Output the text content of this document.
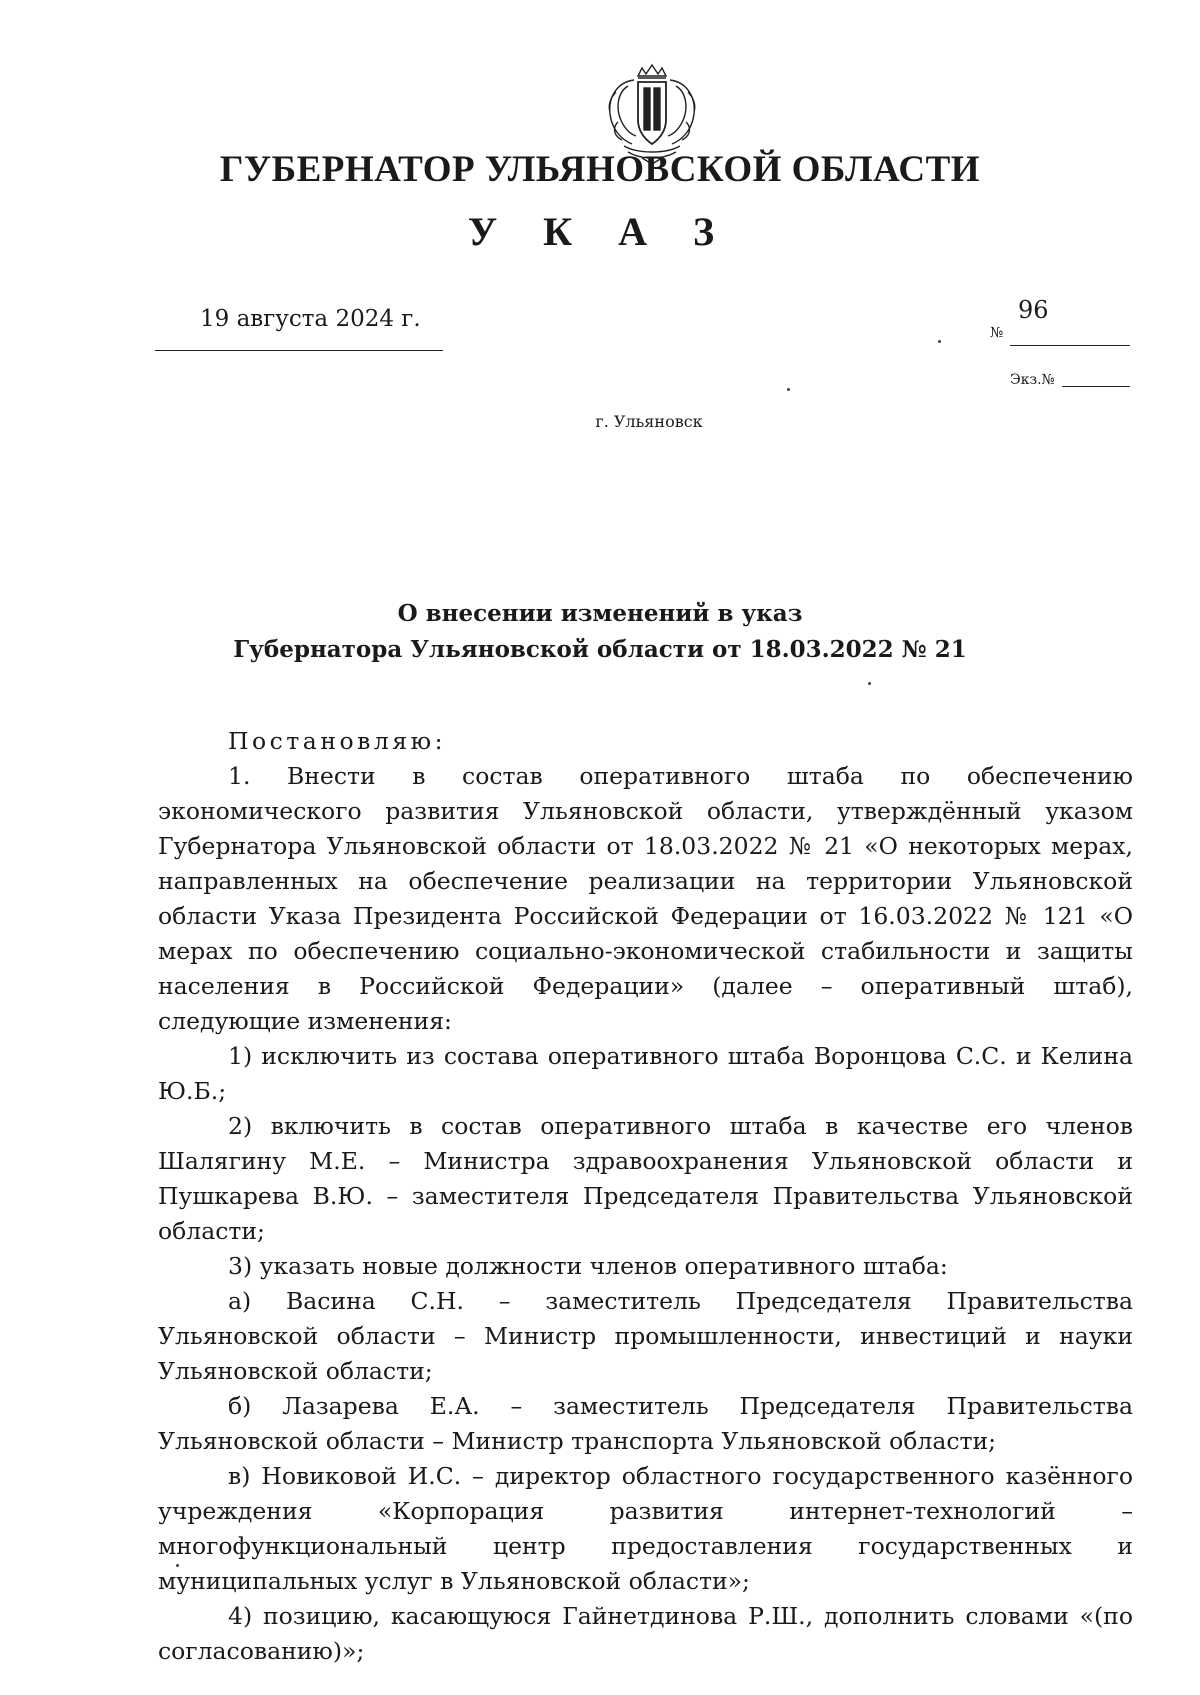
ГУБЕРНАТОР УЛЬЯНОВСКОЙ ОБЛАСТИ
У К А З
19 августа 2024 г.
№
96
Экз.№
г. Ульяновск
О внесении изменений в указ
Губернатора Ульяновской области от 18.03.2022 № 21

Постановляю:

1. Внести в состав оперативного штаба по обеспечению экономического развития Ульяновской области, утверждённый указом Губернатора Ульяновской области от 18.03.2022 № 21 «О некоторых мерах, направленных на обеспечение реализации на территории Ульяновской области Указа Президента Российской Федерации от 16.03.2022 № 121 «О мерах по обеспечению социально-экономической стабильности и защиты населения в Российской Федерации» (далее – оперативный штаб), следующие изменения:

1) исключить из состава оперативного штаба Воронцова С.С. и Келина Ю.Б.;

2) включить в состав оперативного штаба в качестве его членов Шалягину М.Е. – Министра здравоохранения Ульяновской области и Пушкарева В.Ю. – заместителя Председателя Правительства Ульяновской области;

3) указать новые должности членов оперативного штаба:

а) Васина С.Н. – заместитель Председателя Правительства Ульяновской области – Министр промышленности, инвестиций и науки Ульяновской области;

б) Лазарева Е.А. – заместитель Председателя Правительства Ульяновской области – Министр транспорта Ульяновской области;

в) Новиковой И.С. – директор областного государственного казённого учреждения «Корпорация развития интернет-технологий – многофункциональный центр предоставления государственных и муниципальных услуг в Ульяновской области»;

4) позицию, касающуюся Гайнетдинова Р.Ш., дополнить словами «(по согласованию)»;
